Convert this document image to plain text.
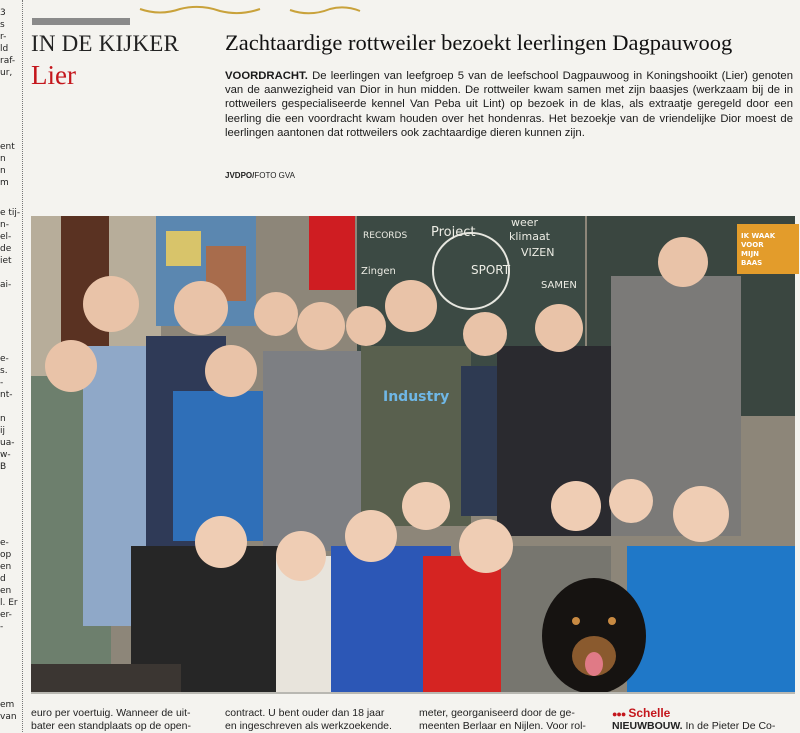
3
s
r-
ld
raf-
ur,
ent
n
n
m
e tij-
n-
el-
de
iet
ai-
e-
s.
-
nt-
n
ij
ua-
w-
B
e-
op
en
d
en
l. Er
er-
-
em
van
IN DE KIJKER
Lier
Zachtaardige rottweiler bezoekt leerlingen Dagpauwoog
VOORDRACHT. De leerlingen van leefgroep 5 van de leefschool Dagpauwoog in Koningshooikt (Lier) genoten van de aanwezigheid van Dior in hun midden. De rottweiler kwam samen met zijn baasjes (werkzaam bij de in rottweilers gespecialiseerde kennel Van Peba uit Lint) op bezoek in de klas, als extraatje geregeld door een leerling die een voordracht kwam houden over het hondenras. Het bezoekje van de vriendelijke Dior moest de leerlingen aantonen dat rottweilers ook zachtaardige dieren kunnen zijn.
JVDPO/FOTO GVA
Project
weer
klimaat
VIZEN
RECORDS
Zingen	SPORT
SAMEN
IK WAAK
VOOR
MIJN
BAAS
Industry
euro per voertuig. Wanneer de uit-
bater een standplaats op de open-
contract. U bent ouder dan 18 jaar
en ingeschreven als werkzoekende.
meter, georganiseerd door de ge-
meenten Berlaar en Nijlen. Voor rol-
●●● Schelle
NIEUWBOUW. In de Pieter De Co-
